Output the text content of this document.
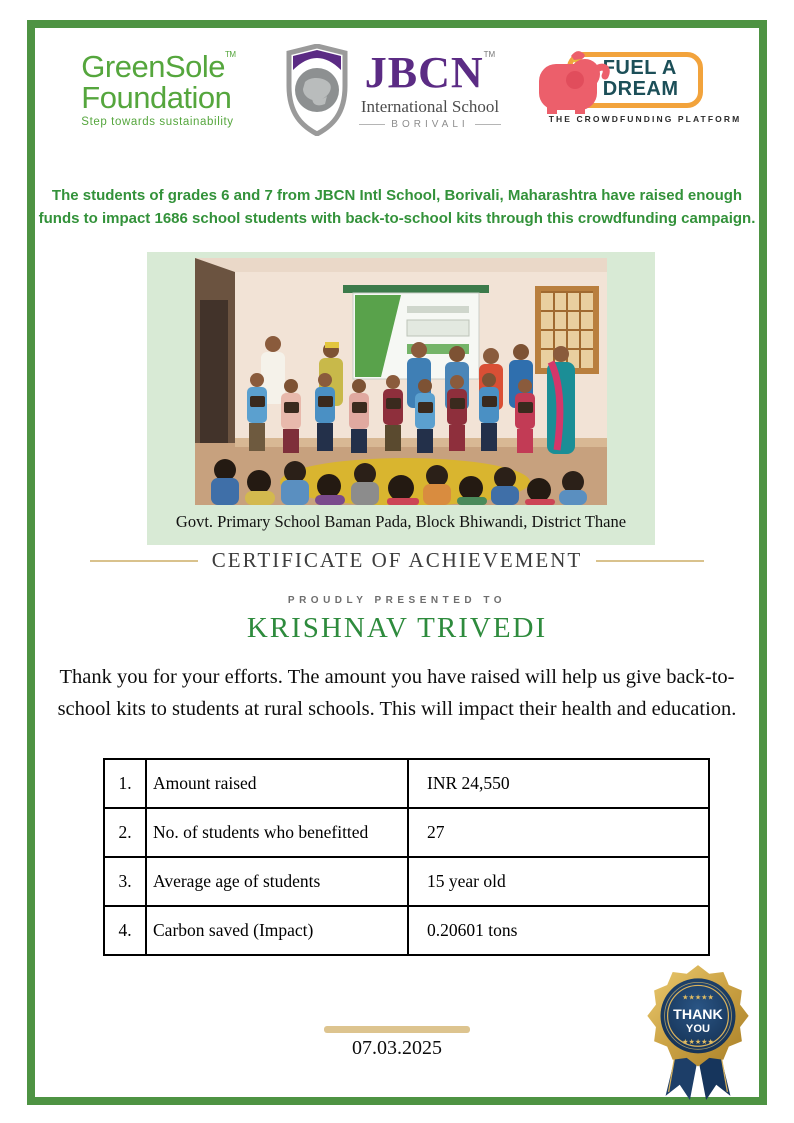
GreenSole™
Foundation
Step towards sustainability
JBCN™
International School
BORIVALI
FUEL A
DREAM
THE CROWDFUNDING PLATFORM
The students of grades 6 and 7 from JBCN Intl School, Borivali, Maharashtra have raised enough funds to impact 1686 school students with back-to-school kits through this crowdfunding campaign.
Govt. Primary School Baman Pada, Block Bhiwandi, District Thane
CERTIFICATE OF ACHIEVEMENT
PROUDLY PRESENTED TO
KRISHNAV TRIVEDI
Thank you for your efforts. The amount you have raised will help us give back-to-school kits to students at rural schools. This will impact their health and education.
1.	Amount raised	INR 24,550
2.	No. of students who benefitted	27
3.	Average age of students	15 year old
4.	Carbon saved (Impact)	0.20601 tons
07.03.2025
★★★★★
THANK
YOU
★★★★★
